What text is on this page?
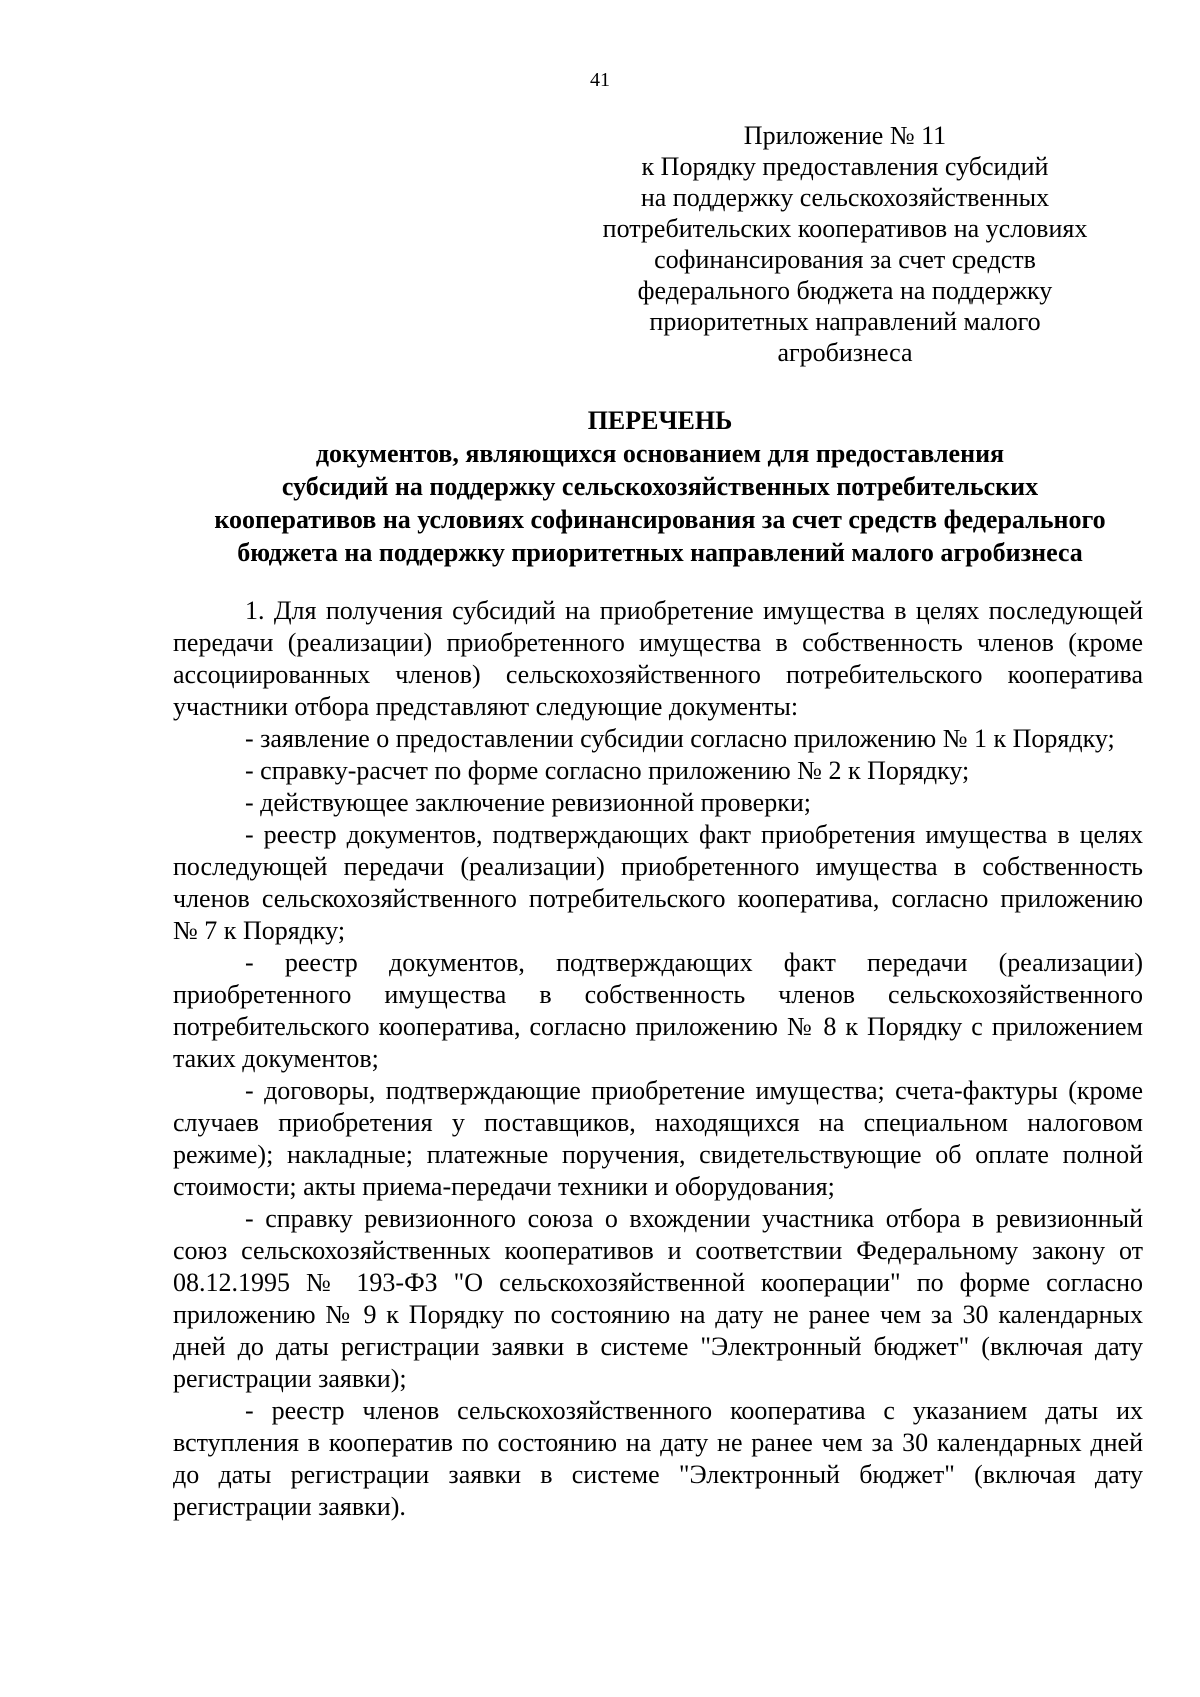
41
Приложение № 11
к Порядку предоставления субсидий
на поддержку сельскохозяйственных
потребительских кооперативов на условиях
софинансирования за счет средств
федерального бюджета на поддержку
приоритетных направлений малого
агробизнеса
ПЕРЕЧЕНЬ
документов, являющихся основанием для предоставления
субсидий на поддержку сельскохозяйственных потребительских
кооперативов на условиях софинансирования за счет средств федерального
бюджета на поддержку приоритетных направлений малого агробизнеса

1. Для получения субсидий на приобретение имущества в целях последующей передачи (реализации) приобретенного имущества в собственность членов (кроме ассоциированных членов) сельскохозяйственного потребительского кооператива участники отбора представляют следующие документы:

- заявление о предоставлении субсидии согласно приложению № 1 к Порядку;

- справку-расчет по форме согласно приложению № 2 к Порядку;

- действующее заключение ревизионной проверки;

- реестр документов, подтверждающих факт приобретения имущества в целях последующей передачи (реализации) приобретенного имущества в собственность членов сельскохозяйственного потребительского кооператива, согласно приложению № 7 к Порядку;

- реестр документов, подтверждающих факт передачи (реализации) приобретенного имущества в собственность членов сельскохозяйственного потребительского кооператива, согласно приложению № 8 к Порядку с приложением таких документов;

- договоры, подтверждающие приобретение имущества; счета-фактуры (кроме случаев приобретения у поставщиков, находящихся на специальном налоговом режиме); накладные; платежные поручения, свидетельствующие об оплате полной стоимости; акты приема-передачи техники и оборудования;

- справку ревизионного союза о вхождении участника отбора в ревизионный союз сельскохозяйственных кооперативов и соответствии Федеральному закону от 08.12.1995 № 193-ФЗ "О сельскохозяйственной кооперации" по форме согласно приложению № 9 к Порядку по состоянию на дату не ранее чем за 30 календарных дней до даты регистрации заявки в системе "Электронный бюджет" (включая дату регистрации заявки);

- реестр членов сельскохозяйственного кооператива с указанием даты их вступления в кооператив по состоянию на дату не ранее чем за 30 календарных дней до даты регистрации заявки в системе "Электронный бюджет" (включая дату регистрации заявки).
